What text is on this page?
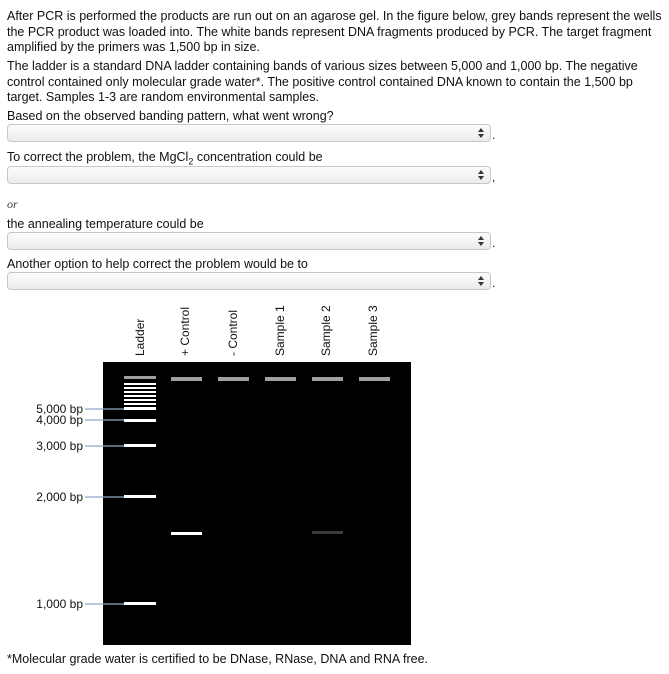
After PCR is performed the products are run out on an agarose gel. In the figure below, grey bands represent the wells the PCR product was loaded into. The white bands represent DNA fragments produced by PCR. The target fragment amplified by the primers was 1,500 bp in size.

The ladder is a standard DNA ladder containing bands of various sizes between 5,000 and 1,000 bp. The negative control contained only molecular grade water*. The positive control contained DNA known to contain the 1,500 bp target. Samples 1-3 are random environmental samples.

Based on the observed banding pattern, what went wrong?

.

To correct the problem, the MgCl$_2$ concentration could be

,
or

the annealing temperature could be

.

Another option to help correct the problem would be to

.
Ladder	+ Control	- Control	Sample 1	Sample 2	Sample 3
5,000 bp
4,000 bp
3,000 bp
2,000 bp
1,000 bp

*Molecular grade water is certified to be DNase, RNase, DNA and RNA free.
